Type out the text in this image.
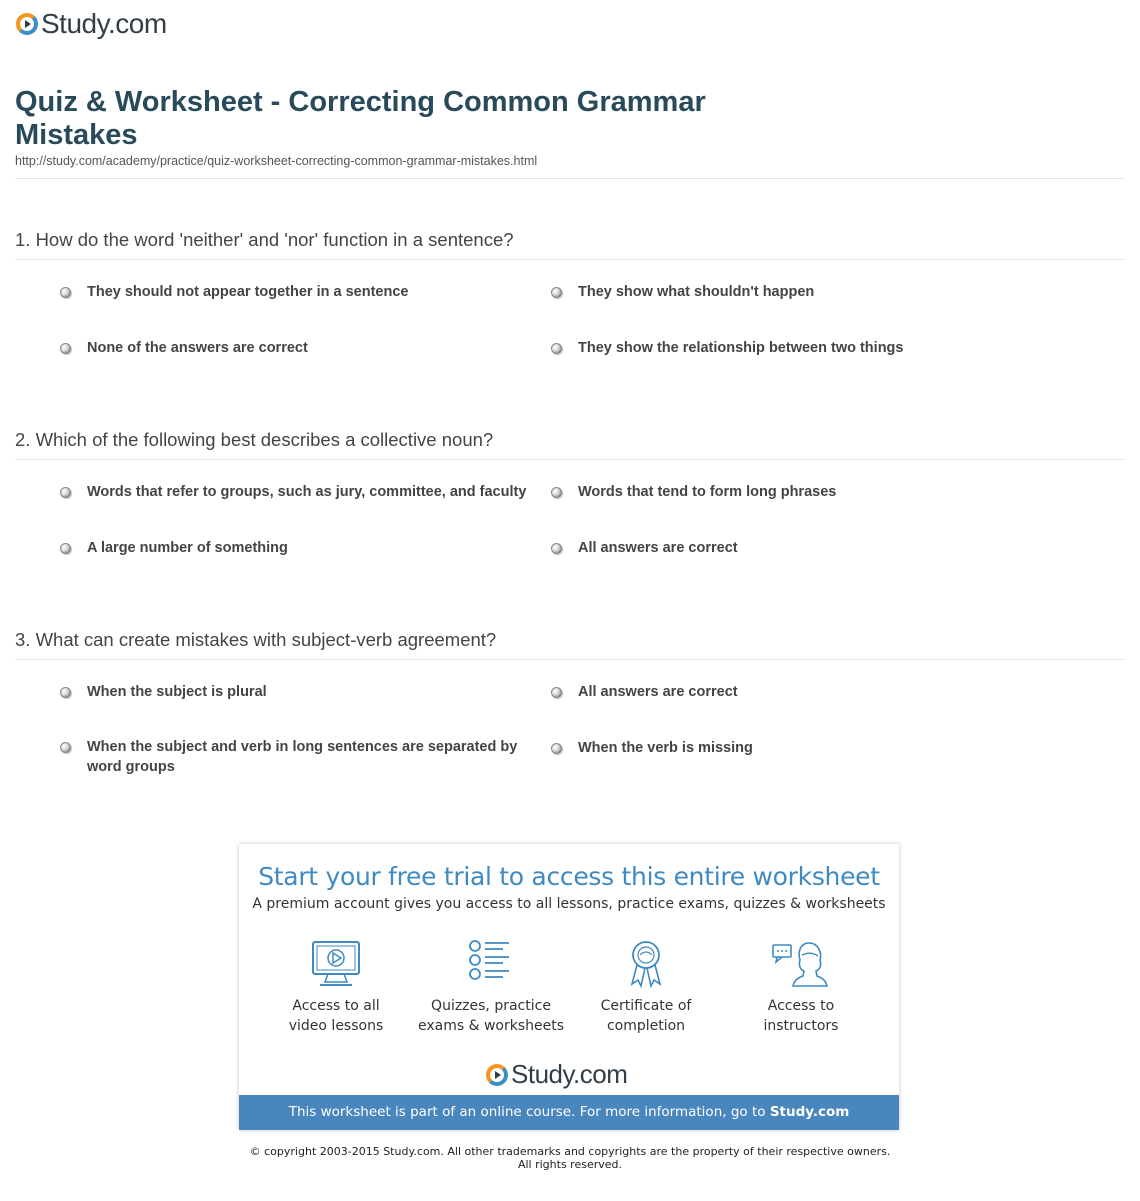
Study.com
Quiz & Worksheet - Correcting Common Grammar Mistakes
http://study.com/academy/practice/quiz-worksheet-correcting-common-grammar-mistakes.html
1. How do the word 'neither' and 'nor' function in a sentence?
They should not appear together in a sentence	They show what shouldn't happen
None of the answers are correct	They show the relationship between two things
2. Which of the following best describes a collective noun?
Words that refer to groups, such as jury, committee, and faculty	Words that tend to form long phrases
A large number of something	All answers are correct
3. What can create mistakes with subject-verb agreement?
When the subject is plural	All answers are correct
When the subject and verb in long sentences are separated by word groups
When the verb is missing
Start your free trial to access this entire worksheet
A premium account gives you access to all lessons, practice exams, quizzes & worksheets
Access to all
video lessons
Quizzes, practice
exams & worksheets
Certificate of
completion
Access to
instructors
Study.com
This worksheet is part of an online course. For more information, go to Study.com
© copyright 2003-2015 Study.com. All other trademarks and copyrights are the property of their respective owners.
All rights reserved.
